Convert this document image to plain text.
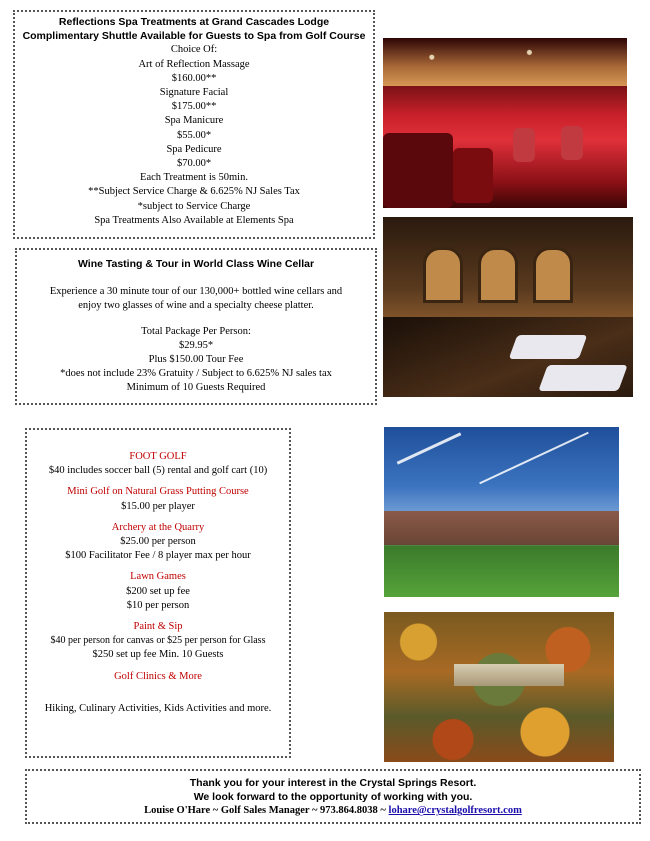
Reflections Spa Treatments at Grand Cascades Lodge
Complimentary Shuttle Available for Guests to Spa from Golf Course
Choice Of:
Art of Reflection Massage
$160.00**
Signature Facial
$175.00**
Spa Manicure
$55.00*
Spa Pedicure
$70.00*
Each Treatment is 50min.
**Subject Service Charge & 6.625% NJ Sales Tax
*subject to Service Charge
Spa Treatments Also Available at Elements Spa
Wine Tasting & Tour in World Class Wine Cellar
Experience a 30 minute tour of our 130,000+ bottled wine cellars and
enjoy two glasses of wine and a specialty cheese platter.
Total Package Per Person:
$29.95*
Plus $150.00 Tour Fee
*does not include 23% Gratuity / Subject to 6.625% NJ sales tax
Minimum of 10 Guests Required
FOOT GOLF
$40 includes soccer ball (5) rental and golf cart (10)
Mini Golf on Natural Grass Putting Course
$15.00 per player
Archery at the Quarry
$25.00 per person
$100 Facilitator Fee / 8 player max per hour
Lawn Games
$200 set up fee
$10 per person
Paint & Sip
$40 per person for canvas or $25 per person for Glass
$250 set up fee Min. 10 Guests
Golf Clinics & More
Hiking, Culinary Activities, Kids Activities and more.
Thank you for your interest in the Crystal Springs Resort.
We look forward to the opportunity of working with you.
Louise O'Hare ~ Golf Sales Manager ~ 973.864.8038 ~ lohare@crystalgolfresort.com
